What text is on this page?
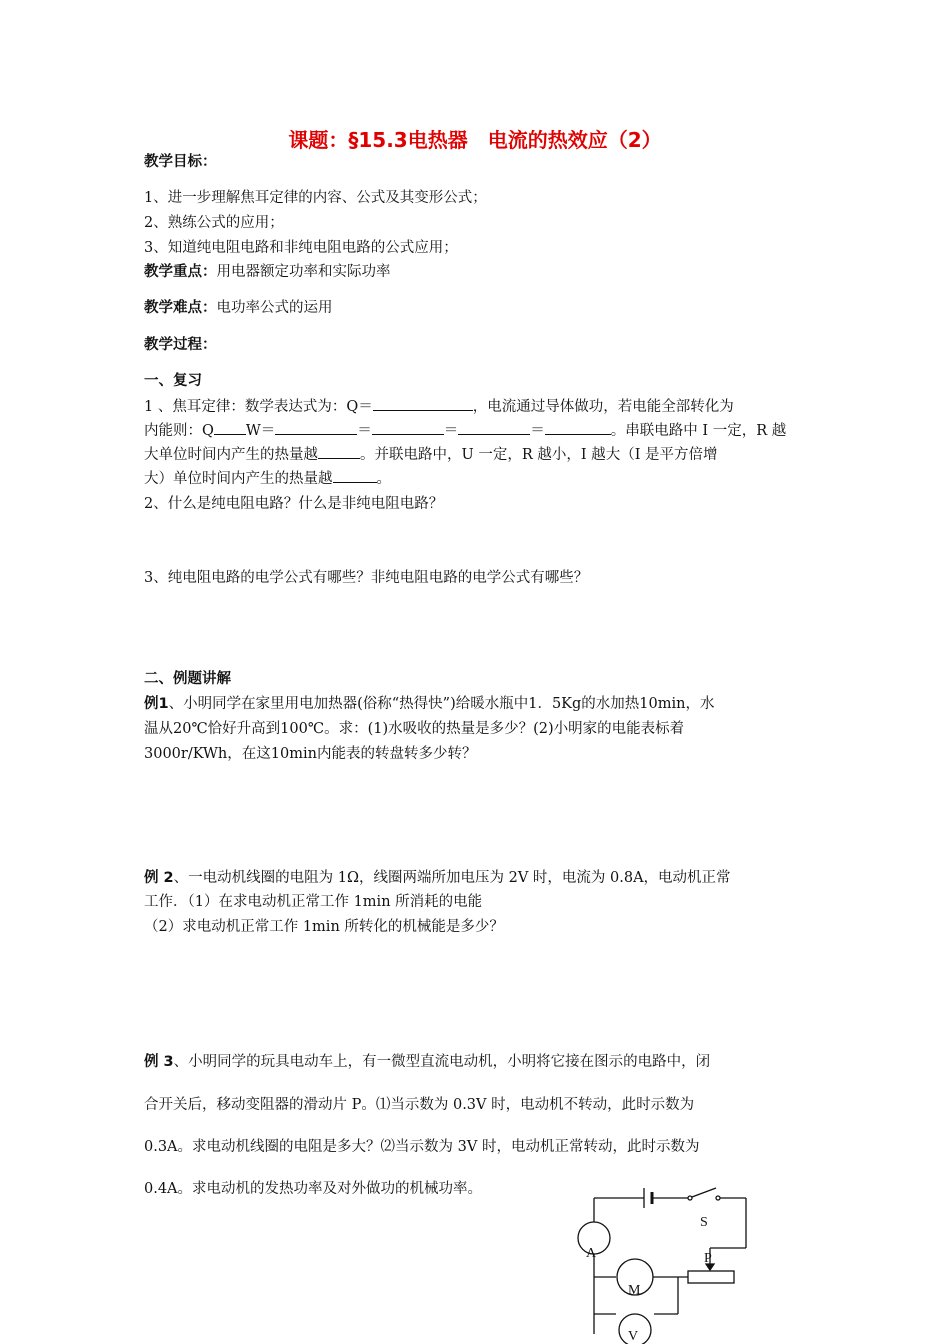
课题：§15.3电热器　电流的热效应（2）
教学目标：
1、进一步理解焦耳定律的内容、公式及其变形公式；
2、熟练公式的应用；
3、知道纯电阻电路和非纯电阻电路的公式应用；
教学重点：用电器额定功率和实际功率
教学难点：电功率公式的运用
教学过程：
一、复习
1 、焦耳定律：数学表达式为：Q＝	，电流通过导体做功，若电能全部转化为
内能则：Q W＝	＝	＝	＝	。串联电路中 I 一定，R 越
大单位时间内产生的热量越	。并联电路中，U 一定，R 越小，I 越大（I 是平方倍增
大）单位时间内产生的热量越	。
2、什么是纯电阻电路？什么是非纯电阻电路？
3、纯电阻电路的电学公式有哪些？非纯电阻电路的电学公式有哪些？
二、例题讲解
例1、小明同学在家里用电加热器(俗称“热得快”)给暖水瓶中1．5Kg的水加热10min，水
温从20℃恰好升高到100℃。求：(1)水吸收的热量是多少？(2)小明家的电能表标着
3000r/KWh，在这10min内能表的转盘转多少转？
例 2、一电动机线圈的电阻为 1Ω，线圈两端所加电压为 2V 时，电流为 0.8A，电动机正常
工作．（1）在求电动机正常工作 1min 所消耗的电能
（2）求电动机正常工作 1min 所转化的机械能是多少？
例 3、小明同学的玩具电动车上，有一微型直流电动机，小明将它接在图示的电路中，闭
合开关后，移动变阻器的滑动片 P。⑴当示数为 0.3V 时，电动机不转动，此时示数为
0.3A。求电动机线圈的电阻是多大？⑵当示数为 3V 时，电动机正常转动，此时示数为
0.4A。求电动机的发热功率及对外做功的机械功率。
S
A	P
M
V
